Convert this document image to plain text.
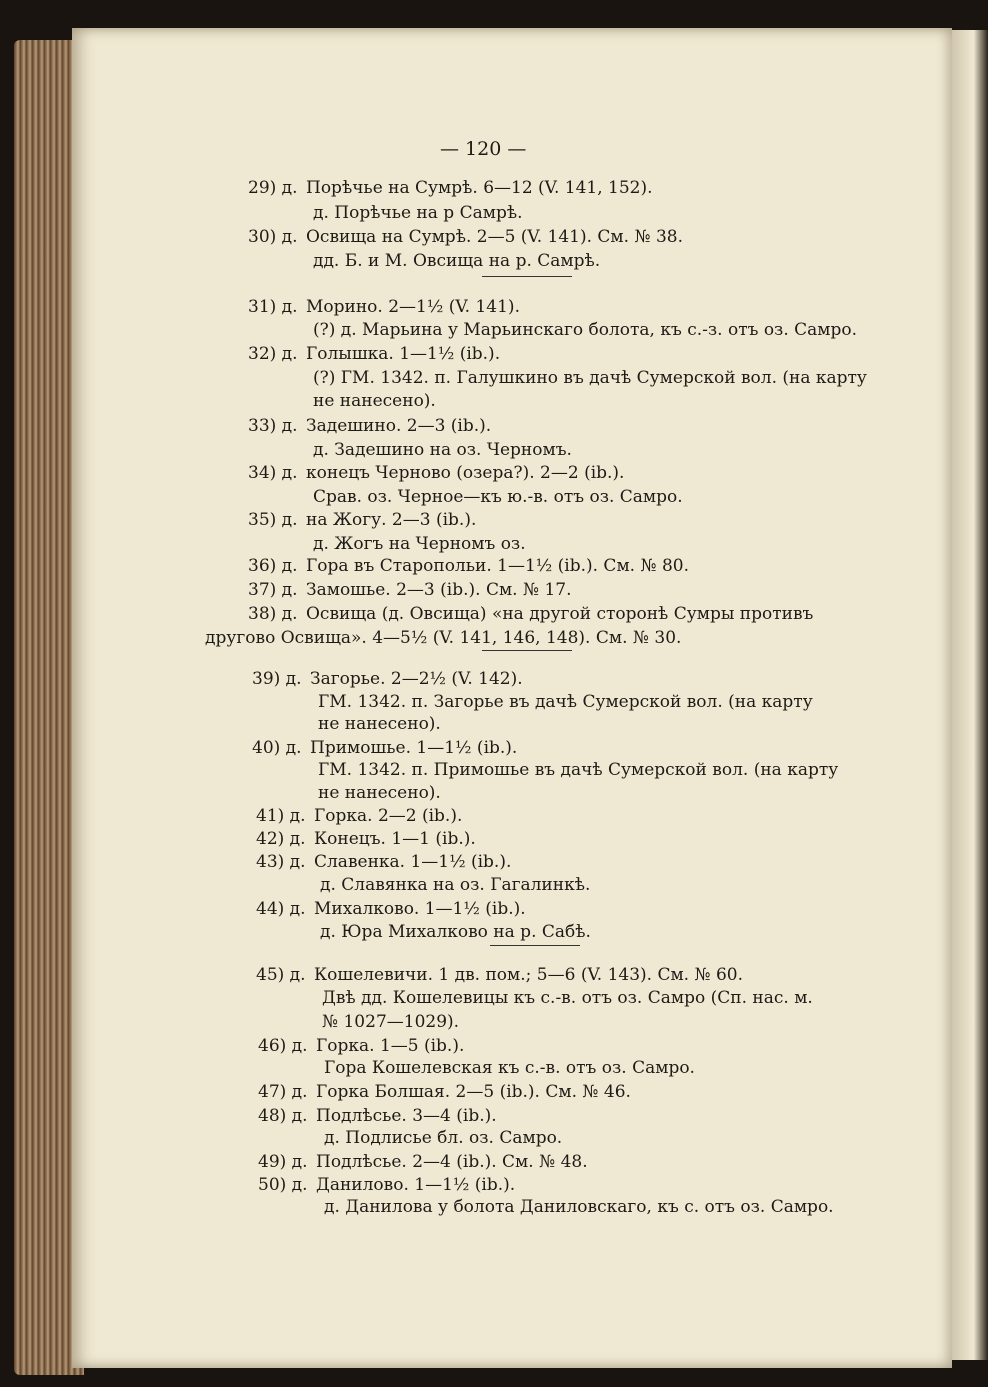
— 120 —
29) д. Порѣчье на Сумрѣ. 6—12 (V. 141, 152).
д. Порѣчье на р Самрѣ.
30) д. Освища на Сумрѣ. 2—5 (V. 141). См. № 38.
дд. Б. и М. Овсища на р. Самрѣ.
31) д. Морино. 2—1½ (V. 141).
(?) д. Марьина у Марьинскаго болота, къ с.-з. отъ оз. Самро.
32) д. Голышка. 1—1½ (ib.).
(?) ГМ. 1342. п. Галушкино въ дачѣ Сумерской вол. (на карту
не нанесено).
33) д. Задешино. 2—3 (ib.).
д. Задешино на оз. Черномъ.
34) д. конецъ Черново (озера?). 2—2 (ib.).
Срав. оз. Черное—къ ю.-в. отъ оз. Самро.
35) д. на Жогу. 2—3 (ib.).
д. Жогъ на Черномъ оз.
36) д. Гора въ Старопольи. 1—1½ (ib.). См. № 80.
37) д. Замошье. 2—3 (ib.). См. № 17.
38) д. Освища (д. Овсища) «на другой сторонѣ Сумры противъ
другово Освища». 4—5½ (V. 141, 146, 148). См. № 30.
39) д. Загорье. 2—2½ (V. 142).
ГМ. 1342. п. Загорье въ дачѣ Сумерской вол. (на карту
не нанесено).
40) д. Примошье. 1—1½ (ib.).
ГМ. 1342. п. Примошье въ дачѣ Сумерской вол. (на карту
не нанесено).
41) д. Горка. 2—2 (ib.).
42) д. Конецъ. 1—1 (ib.).
43) д. Славенка. 1—1½ (ib.).
д. Славянка на оз. Гагалинкѣ.
44) д. Михалково. 1—1½ (ib.).
д. Юра Михалково на р. Сабѣ.
45) д. Кошелевичи. 1 дв. пом.; 5—6 (V. 143). См. № 60.
Двѣ дд. Кошелевицы къ с.-в. отъ оз. Самро (Сп. нас. м.
№ 1027—1029).
46) д. Горка. 1—5 (ib.).
Гора Кошелевская къ с.-в. отъ оз. Самро.
47) д. Горка Болшая. 2—5 (ib.). См. № 46.
48) д. Подлѣсье. 3—4 (ib.).
д. Подлисье бл. оз. Самро.
49) д. Подлѣсье. 2—4 (ib.). См. № 48.
50) д. Данилово. 1—1½ (ib.).
д. Данилова у болота Даниловскаго, къ с. отъ оз. Самро.
